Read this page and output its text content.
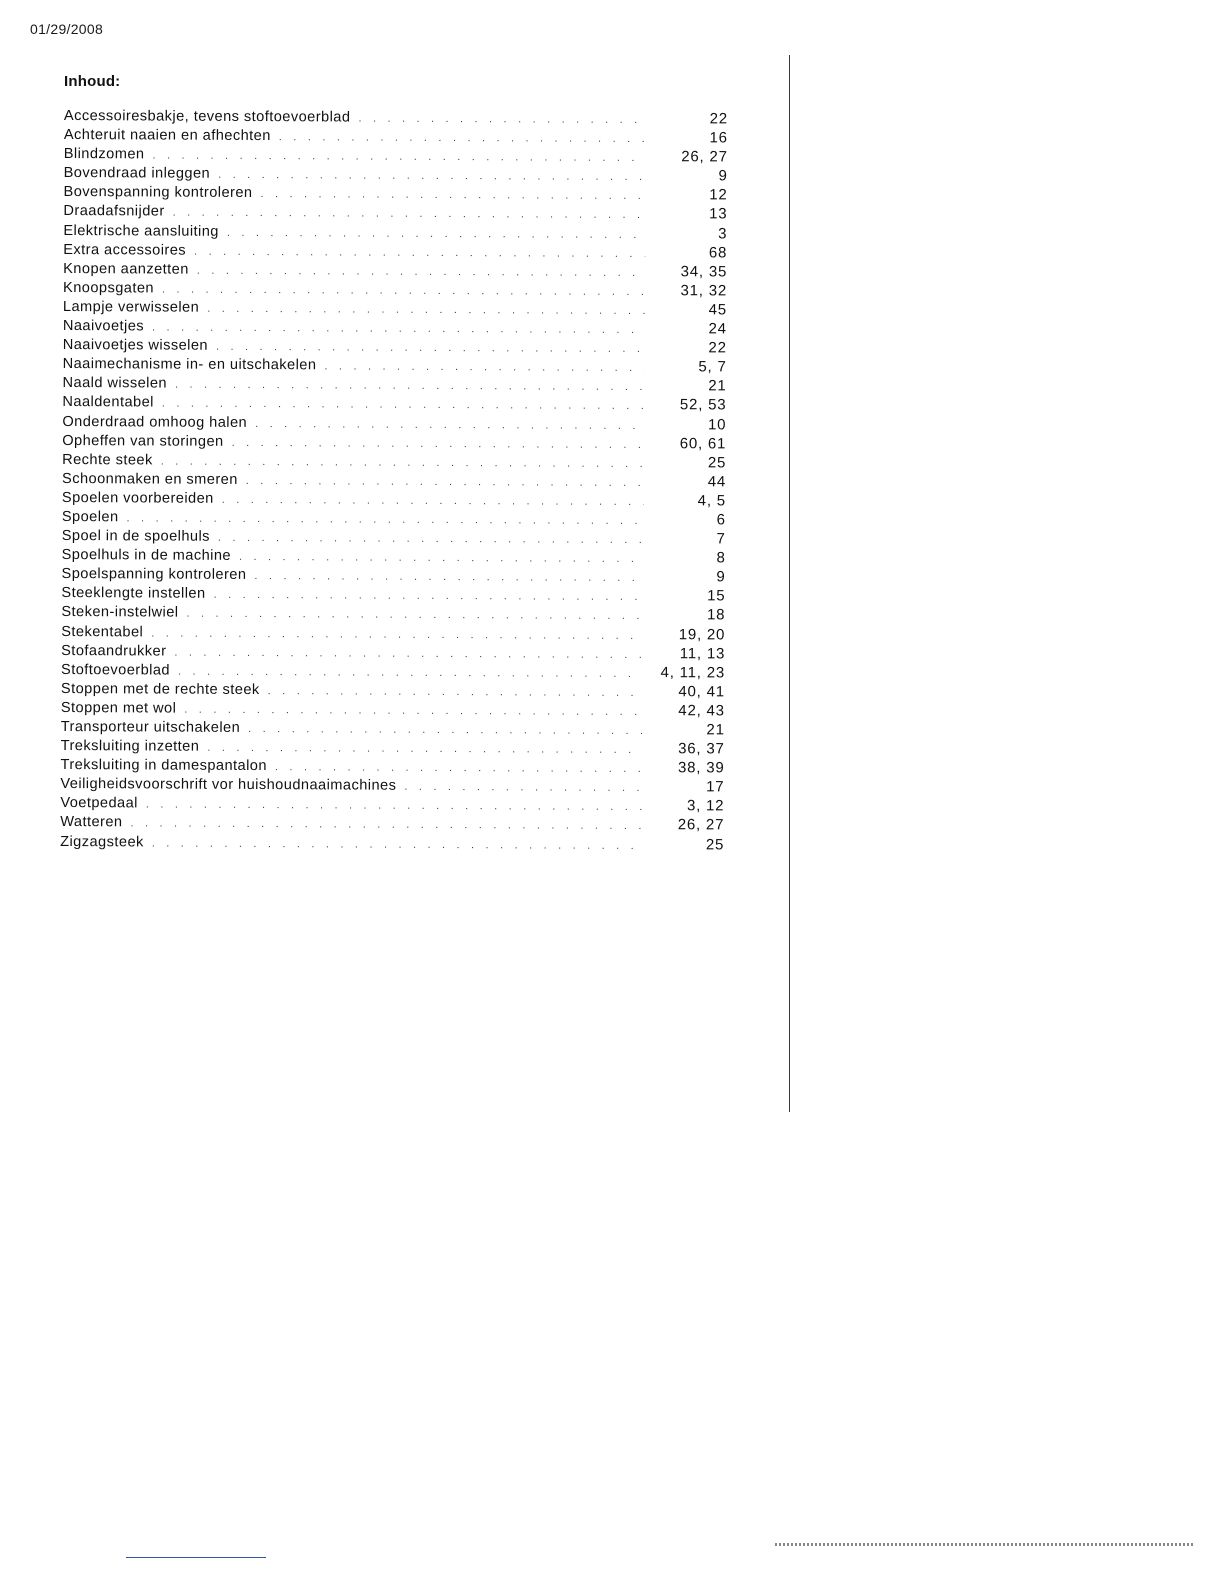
01/29/2008
Inhoud:
Accessoiresbakje, tevens stoftoevoerblad . . .	22
Achteruit naaien en afhechten . . .	16
Blindzomen . . .	26, 27
Bovendraad inleggen . . .	9
Bovenspanning kontroleren . . .	12
Draadafsnijder . . .	13
Elektrische aansluiting . . .	3
Extra accessoires . . .	68
Knopen aanzetten . . .	34, 35
Knoopsgaten . . .	31, 32
Lampje verwisselen . . .	45
Naaivoetjes . . .	24
Naaivoetjes wisselen . . .	22
Naaimechanisme in- en uitschakelen . . .	5, 7
Naald wisselen . . .	21
Naaldentabel . . .	52, 53
Onderdraad omhoog halen . . .	10
Opheffen van storingen . . .	60, 61
Rechte steek . . .	25
Schoonmaken en smeren . . .	44
Spoelen voorbereiden . . .	4, 5
Spoelen . . .	6
Spoel in de spoelhuls . . .	7
Spoelhuls in de machine . . .	8
Spoelspanning kontroleren . . .	9
Steeklengte instellen . . .	15
Steken-instelwiel . . .	18
Stekentabel . . .	19, 20
Stofaandrukker . . .	11, 13
Stoftoevoerblad . . .	4, 11, 23
Stoppen met de rechte steek . . .	40, 41
Stoppen met wol . . .	42, 43
Transporteur uitschakelen . . .	21
Treksluiting inzetten . . .	36, 37
Treksluiting in damespantalon . . .	38, 39
Veiligheidsvoorschrift vor huishoudnaaimachines . . .	17
Voetpedaal . . .	3, 12
Watteren . . .	26, 27
Zigzagsteek . . .	25
